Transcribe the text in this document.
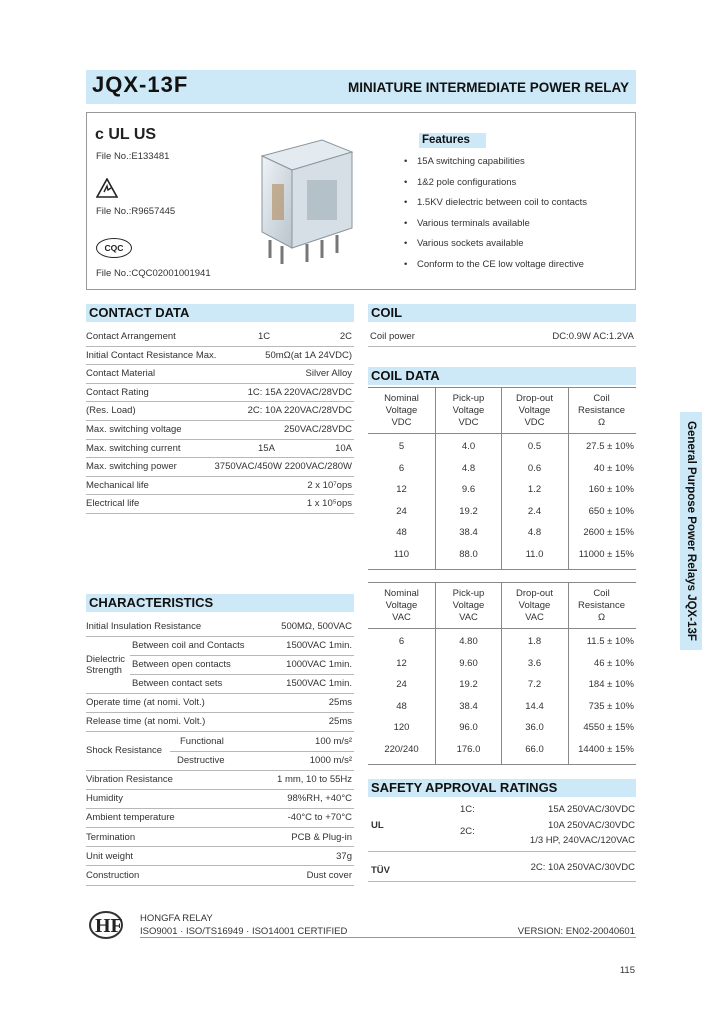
JQX-13F	MINIATURE INTERMEDIATE POWER RELAY
c UL US
File No.:E133481
File No.:R9657445
CQC
File No.:CQC02001001941
Features
• 15A switching capabilities
• 1&2 pole configurations
• 1.5KV dielectric between coil to contacts
• Various terminals available
• Various sockets available
• Conform to the CE low voltage directive
CONTACT DATA
Contact Arrangement	1C	2C
Initial Contact Resistance Max.	50mΩ(at 1A 24VDC)
Contact Material	Silver Alloy
Contact Rating	1C: 15A 220VAC/28VDC
(Res. Load)	2C: 10A 220VAC/28VDC
Max. switching voltage	250VAC/28VDC
Max. switching current	15A	10A
Max. switching power	3750VAC/450W 2200VAC/280W
Mechanical life	2 x 10⁷ops
Electrical life	1 x 10⁵ops
CHARACTERISTICS
Initial Insulation Resistance	500MΩ, 500VAC
Dielectric Strength
Between coil and Contacts	1500VAC 1min.
Between open contacts	1000VAC 1min.
Between contact sets	1500VAC 1min.
Operate time (at nomi. Volt.)	25ms
Release time (at nomi. Volt.)	25ms
Shock Resistance
Functional	100 m/s²
Destructive	1000 m/s²
Vibration Resistance	1 mm, 10 to 55Hz
Humidity	98%RH, +40°C
Ambient temperature	-40°C to +70°C
Termination	PCB & Plug-in
Unit weight	37g
Construction	Dust cover
COIL
Coil power	DC:0.9W AC:1.2VA
COIL DATA
Nominal
Voltage
VDC
Pick-up
Voltage
VDC
Drop-out
Voltage
VDC
Coil
Resistance
Ω
5	4.0	0.5	27.5 ± 10%
6	4.8	0.6	40 ± 10%
12	9.6	1.2	160 ± 10%
24	19.2	2.4	650 ± 10%
48	38.4	4.8	2600 ± 15%
110	88.0	11.0	11000 ± 15%
Nominal
Voltage
VAC
Pick-up
Voltage
VAC
Drop-out
Voltage
VAC
Coil
Resistance
Ω
6	4.80	1.8	11.5 ± 10%
12	9.60	3.6	46 ± 10%
24	19.2	7.2	184 ± 10%
48	38.4	14.4	735 ± 10%
120	96.0	36.0	4550 ± 15%
220/240	176.0	66.0	14400 ± 15%
SAFETY APPROVAL RATINGS
UL
1C:	15A 250VAC/30VDC
2C:
10A 250VAC/30VDC
1/3 HP, 240VAC/120VAC
TÜV	2C: 10A 250VAC/30VDC
General Purpose Power Relays JQX-13F
HF HONGFA RELAY
ISO9001 · ISO/TS16949 · ISO14001 CERTIFIED	VERSION: EN02-20040601
115
